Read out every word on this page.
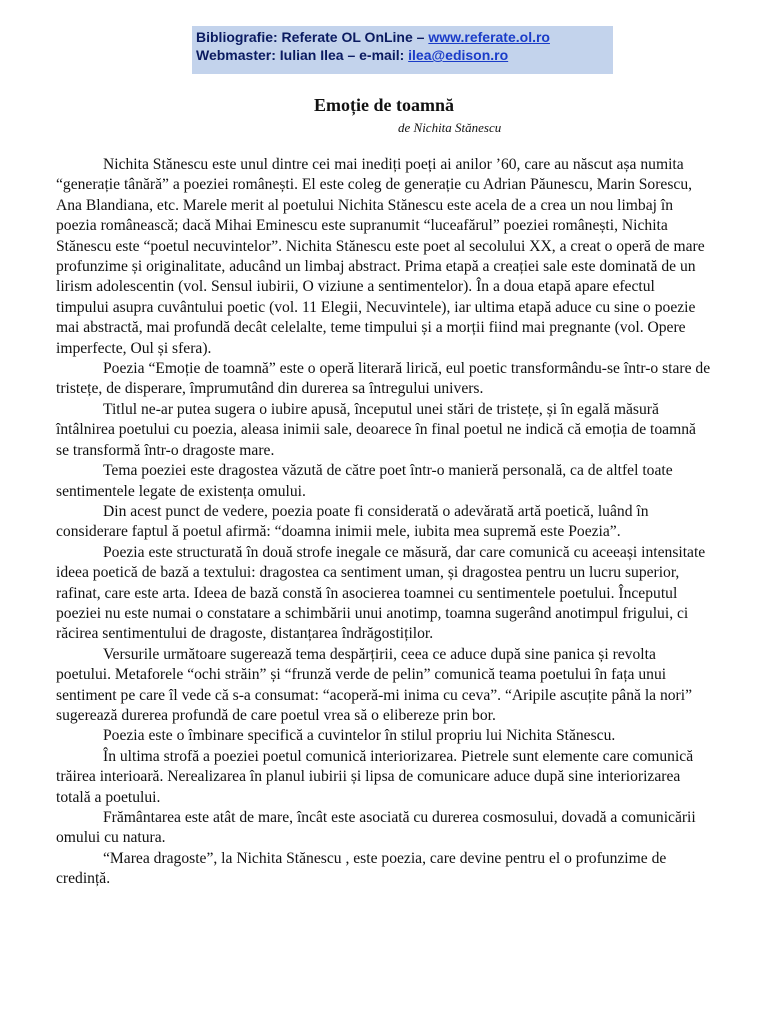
Bibliografie: Referate OL OnLine – www.referate.ol.ro
Webmaster: Iulian Ilea – e-mail: ilea@edison.ro
Emoție de toamnă

de Nichita Stănescu

Nichita Stănescu este unul dintre cei mai inediți poeți ai anilor ’60, care au născut așa numita “generație tânără” a poeziei românești. El este coleg de generație cu Adrian Păunescu, Marin Sorescu, Ana Blandiana, etc. Marele merit al poetului Nichita Stănescu este acela de a crea un nou limbaj în poezia românească; dacă Mihai Eminescu este supranumit “luceafărul” poeziei românești, Nichita Stănescu este “poetul necuvintelor”. Nichita Stănescu este poet al secolului XX, a creat o operă de mare profunzime și originalitate, aducând un limbaj abstract. Prima etapă a creației sale este dominată de un lirism adolescentin (vol. Sensul iubirii, O viziune a sentimentelor). În a doua etapă apare efectul timpului asupra cuvântului poetic (vol. 11 Elegii, Necuvintele), iar ultima etapă aduce cu sine o poezie mai abstractă, mai profundă decât celelalte, teme timpului și a morții fiind mai pregnante (vol. Opere imperfecte, Oul și sfera).

Poezia “Emoție de toamnă” este o operă literară lirică, eul poetic transformându-se într-o stare de tristețe, de disperare, împrumutând din durerea sa întregului univers.

Titlul ne-ar putea sugera o iubire apusă, începutul unei stări de tristețe, și în egală măsură întâlnirea poetului cu poezia, aleasa inimii sale, deoarece în final poetul ne indică că emoția de toamnă se transformă într-o dragoste mare.

Tema poeziei este dragostea văzută de către poet într-o manieră personală, ca de altfel toate sentimentele legate de existența omului.

Din acest punct de vedere, poezia poate fi considerată o adevărată artă poetică, luând în considerare faptul ă poetul afirmă: “doamna inimii mele, iubita mea supremă este Poezia”.

Poezia este structurată în două strofe inegale ce măsură, dar care comunică cu aceeași intensitate ideea poetică de bază a textului: dragostea ca sentiment uman, și dragostea pentru un lucru superior, rafinat, care este arta. Ideea de bază constă în asocierea toamnei cu sentimentele poetului. Începutul poeziei nu este numai o constatare a schimbării unui anotimp, toamna sugerând anotimpul frigului, ci răcirea sentimentului de dragoste, distanțarea îndrăgostiților.

Versurile următoare sugerează tema despărțirii, ceea ce aduce după sine panica și revolta poetului. Metaforele “ochi străin” și “frunză verde de pelin” comunică teama poetului în fața unui sentiment pe care îl vede că s-a consumat: “acoperă-mi inima cu ceva”. “Aripile ascuțite până la nori” sugerează durerea profundă de care poetul vrea să o elibereze prin bor.

Poezia este o îmbinare specifică a cuvintelor în stilul propriu lui Nichita Stănescu.

În ultima strofă a poeziei poetul comunică interiorizarea. Pietrele sunt elemente care comunică trăirea interioară. Nerealizarea în planul iubirii și lipsa de comunicare aduce după sine interiorizarea totală a poetului.

Frământarea este atât de mare, încât este asociată cu durerea cosmosului, dovadă a comunicării omului cu natura.

“Marea dragoste”, la Nichita Stănescu , este poezia, care devine pentru el o profunzime de credință.
